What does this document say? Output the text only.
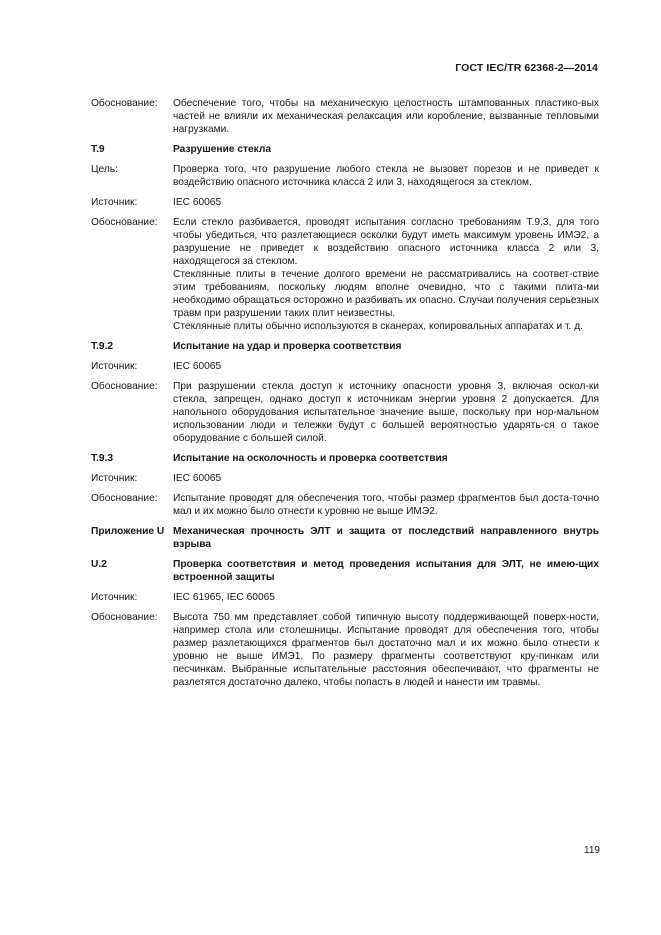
ГОСТ IEC/TR 62368-2—2014
Обоснование:	Обеспечение того, чтобы на механическую целостность штампованных пластико-вых частей не влияли их механическая релаксация или коробление, вызванные тепловыми нагрузками.
T.9	Разрушение стекла
Цель:	Проверка того, что разрушение любого стекла не вызовет порезов и не приведет к воздействию опасного источника класса 2 или 3, находящегося за стеклом.
Источник:	IEC 60065
Обоснование:	Если стекло разбивается, проводят испытания согласно требованиям T.9.3, для того чтобы убедиться, что разлетающиеся осколки будут иметь максимум уровень ИМЭ2, а разрушение не приведет к воздействию опасного источника класса 2 или 3, находящегося за стеклом.
Стеклянные плиты в течение долгого времени не рассматривались на соответ-ствие этим требованиям, поскольку людям вполне очевидно, что с такими плита-ми необходимо обращаться осторожно и разбивать их опасно. Случаи получения серьезных травм при разрушении таких плит неизвестны.
Стеклянные плиты обычно используются в сканерах, копировальных аппаратах и т. д.
T.9.2	Испытание на удар и проверка соответствия
Источник:	IEC 60065
Обоснование:	При разрушении стекла доступ к источнику опасности уровня 3, включая оскол-ки стекла, запрещен, однако доступ к источникам энергии уровня 2 допускается. Для напольного оборудования испытательное значение выше, поскольку при нор-мальном использовании люди и тележки будут с большей вероятностью ударять-ся о такое оборудование с большей силой.
T.9.3	Испытание на осколочность и проверка соответствия
Источник:	IEC 60065
Обоснование:	Испытание проводят для обеспечения того, чтобы размер фрагментов был доста-точно мал и их можно было отнести к уровню не выше ИМЭ2.
Приложение U Механическая прочность ЭЛТ и защита от последствий направленного внутрь взрыва
U.2	Проверка соответствия и метод проведения испытания для ЭЛТ, не имею-щих встроенной защиты
Источник:	IEC 61965, IEC 60065
Обоснование:	Высота 750 мм представляет собой типичную высоту поддерживающей поверх-ности, например стола или столешницы. Испытание проводят для обеспечения того, чтобы размер разлетающихся фрагментов был достаточно мал и их можно было отнести к уровню не выше ИМЭ1. По размеру фрагменты соответствуют кру-пинкам или песчинкам. Выбранные испытательные расстояния обеспечивают, что фрагменты не разлетятся достаточно далеко, чтобы попасть в людей и нанести им травмы.
119
